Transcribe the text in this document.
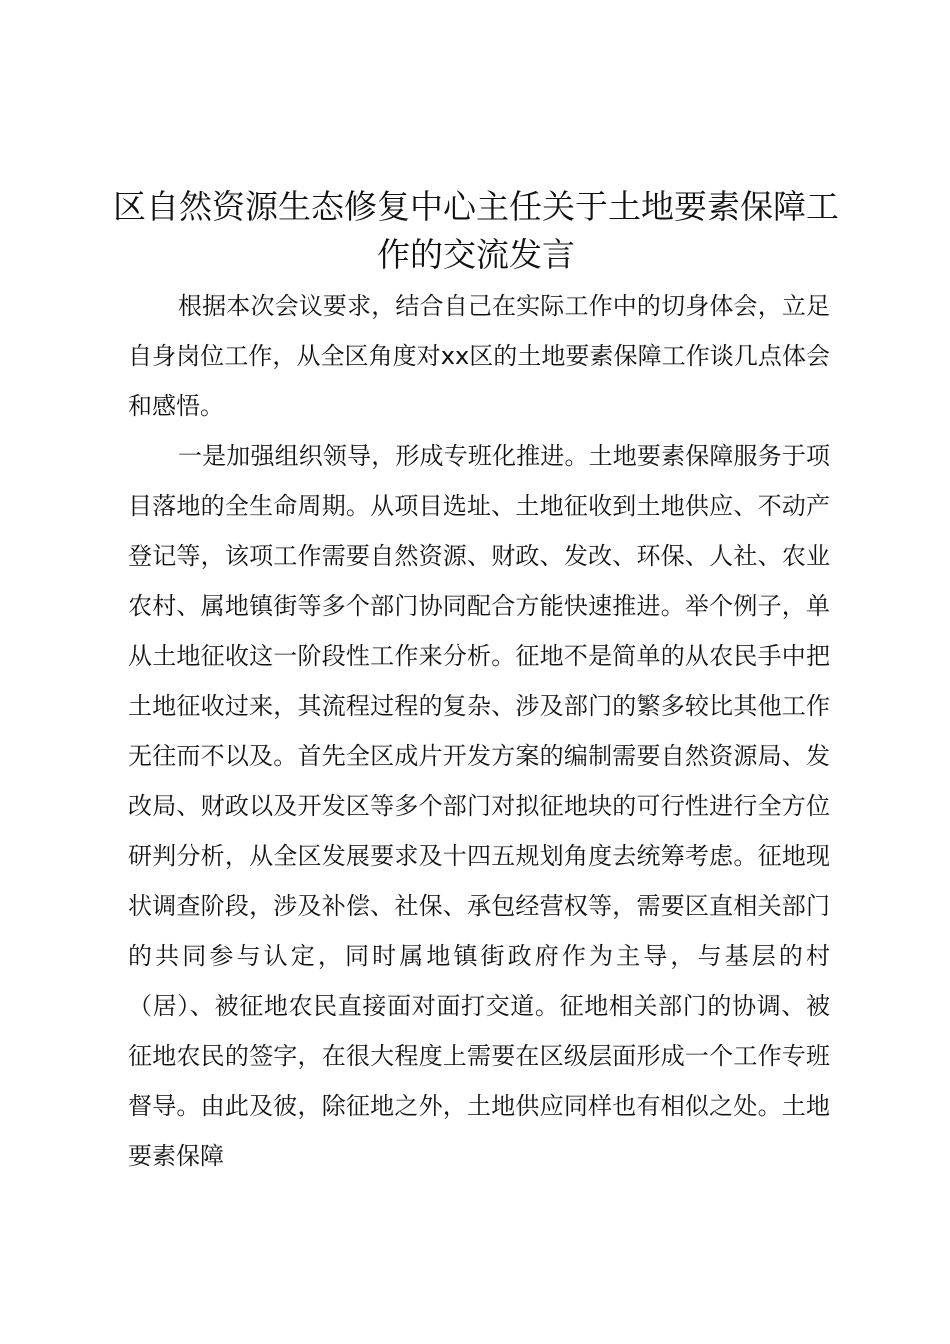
区自然资源生态修复中心主任关于土地要素保障工作的交流发言

根据本次会议要求，结合自己在实际工作中的切身体会，立足自身岗位工作，从全区角度对xx区的土地要素保障工作谈几点体会和感悟。

一是加强组织领导，形成专班化推进。土地要素保障服务于项目落地的全生命周期。从项目选址、土地征收到土地供应、不动产登记等，该项工作需要自然资源、财政、发改、环保、人社、农业农村、属地镇街等多个部门协同配合方能快速推进。举个例子，单从土地征收这一阶段性工作来分析。征地不是简单的从农民手中把土地征收过来，其流程过程的复杂、涉及部门的繁多较比其他工作无往而不以及。首先全区成片开发方案的编制需要自然资源局、发改局、财政以及开发区等多个部门对拟征地块的可行性进行全方位研判分析，从全区发展要求及十四五规划角度去统筹考虑。征地现状调查阶段，涉及补偿、社保、承包经营权等，需要区直相关部门的共同参与认定，同时属地镇街政府作为主导，与基层的村（居）、被征地农民直接面对面打交道。征地相关部门的协调、被征地农民的签字，在很大程度上需要在区级层面形成一个工作专班督导。由此及彼，除征地之外，土地供应同样也有相似之处。土地要素保障
